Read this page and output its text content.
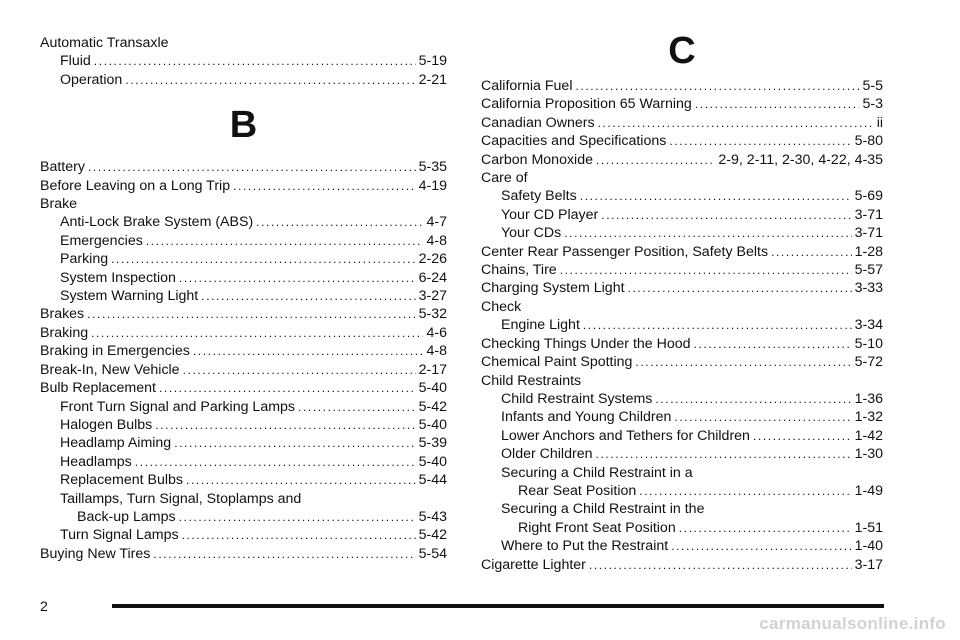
Automatic Transaxle
Fluid .....	5-19
Operation .....	2-21
B
Battery .....	5-35
Before Leaving on a Long Trip .....	4-19
Brake
Anti-Lock Brake System (ABS) .....	4-7
Emergencies .....	4-8
Parking .....	2-26
System Inspection .....	6-24
System Warning Light .....	3-27
Brakes .....	5-32
Braking .....	4-6
Braking in Emergencies .....	4-8
Break-In, New Vehicle .....	2-17
Bulb Replacement .....	5-40
Front Turn Signal and Parking Lamps .....	5-42
Halogen Bulbs .....	5-40
Headlamp Aiming .....	5-39
Headlamps .....	5-40
Replacement Bulbs .....	5-44
Taillamps, Turn Signal, Stoplamps and
Back-up Lamps .....	5-43
Turn Signal Lamps .....	5-42
Buying New Tires .....	5-54
C
California Fuel .....	5-5
California Proposition 65 Warning .....	5-3
Canadian Owners .....	ii
Capacities and Specifications .....	5-80
Carbon Monoxide .....	2-9, 2-11, 2-30, 4-22, 4-35
Care of
Safety Belts .....	5-69
Your CD Player .....	3-71
Your CDs .....	3-71
Center Rear Passenger Position, Safety Belts .....	1-28
Chains, Tire .....	5-57
Charging System Light .....	3-33
Check
Engine Light .....	3-34
Checking Things Under the Hood .....	5-10
Chemical Paint Spotting .....	5-72
Child Restraints
Child Restraint Systems .....	1-36
Infants and Young Children .....	1-32
Lower Anchors and Tethers for Children .....	1-42
Older Children .....	1-30
Securing a Child Restraint in a
Rear Seat Position .....	1-49
Securing a Child Restraint in the
Right Front Seat Position .....	1-51
Where to Put the Restraint .....	1-40
Cigarette Lighter .....	3-17
2
carmanualsonline.info
